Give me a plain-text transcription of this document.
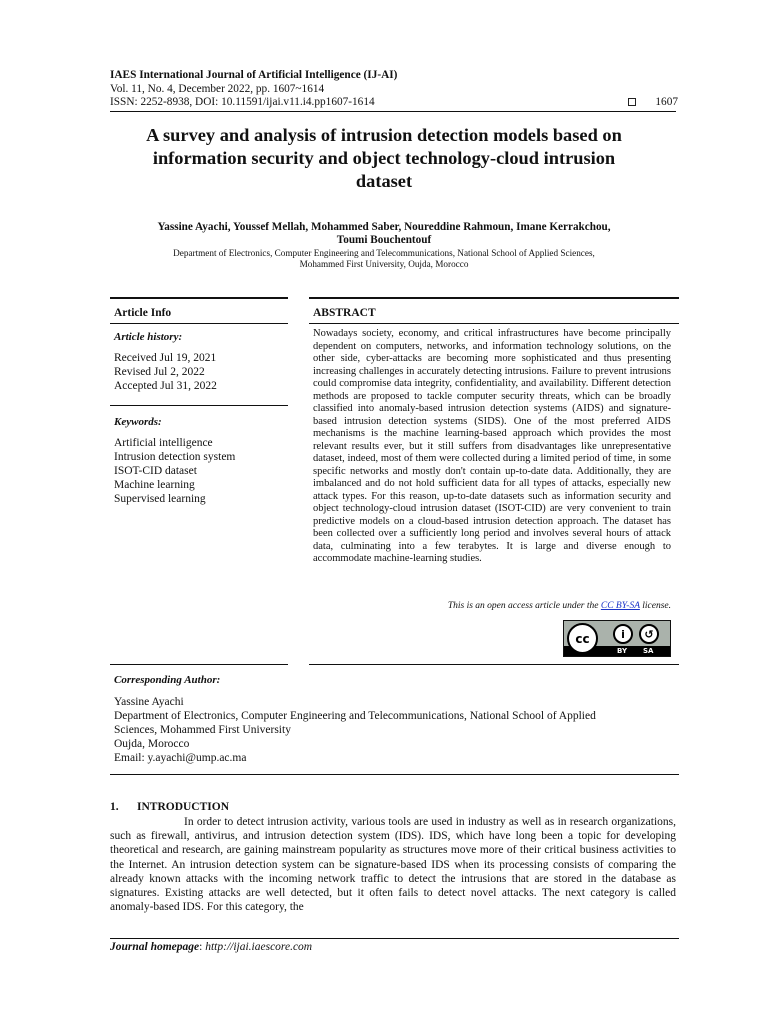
IAES International Journal of Artificial Intelligence (IJ-AI)
Vol. 11, No. 4, December 2022, pp. 1607~1614
ISSN: 2252-8938, DOI: 10.11591/ijai.v11.i4.pp1607-1614	1607
A survey and analysis of intrusion detection models based on
information security and object technology-cloud intrusion
dataset
Yassine Ayachi, Youssef Mellah, Mohammed Saber, Noureddine Rahmoun, Imane Kerrakchou,
Toumi Bouchentouf
Department of Electronics, Computer Engineering and Telecommunications, National School of Applied Sciences,
Mohammed First University, Oujda, Morocco
Article Info
Article history:
Received Jul 19, 2021
Revised Jul 2, 2022
Accepted Jul 31, 2022
Keywords:
Artificial intelligence
Intrusion detection system
ISOT-CID dataset
Machine learning
Supervised learning
ABSTRACT
Nowadays society, economy, and critical infrastructures have become principally dependent on computers, networks, and information technology solutions, on the other side, cyber-attacks are becoming more sophisticated and thus presenting increasing challenges in accurately detecting intrusions. Failure to prevent intrusions could compromise data integrity, confidentiality, and availability. Different detection methods are proposed to tackle computer security threats, which can be broadly classified into anomaly-based intrusion detection systems (AIDS) and signature-based intrusion detection systems (SIDS). One of the most preferred AIDS mechanisms is the machine learning-based approach which provides the most relevant results ever, but it still suffers from disadvantages like unrepresentative dataset, indeed, most of them were collected during a limited period of time, in some specific networks and mostly don't contain up-to-date data. Additionally, they are imbalanced and do not hold sufficient data for all types of attacks, especially new attack types. For this reason, up-to-date datasets such as information security and object technology-cloud intrusion dataset (ISOT-CID) are very convenient to train predictive models on a cloud-based intrusion detection approach. The dataset has been collected over a sufficiently long period and involves several hours of attack data, culminating into a few terabytes. It is large and diverse enough to accommodate machine-learning studies.
This is an open access article under the CC BY-SA license.
cc	i	↺
BY SA
Corresponding Author:
Yassine Ayachi
Department of Electronics, Computer Engineering and Telecommunications, National School of Applied
Sciences, Mohammed First University
Oujda, Morocco
Email: y.ayachi@ump.ac.ma
1. INTRODUCTION
In order to detect intrusion activity, various tools are used in industry as well as in research organizations, such as firewall, antivirus, and intrusion detection system (IDS). IDS, which have long been a topic for developing theoretical and research, are gaining mainstream popularity as structures move more of their critical business activities to the Internet. An intrusion detection system can be signature-based IDS when its processing consists of comparing the already known attacks with the incoming network traffic to detect the intrusions that are stored in the database as signatures. Existing attacks are well detected, but it often fails to detect novel attacks. The next category is called anomaly-based IDS. For this category, the
Journal homepage: http://ijai.iaescore.com
